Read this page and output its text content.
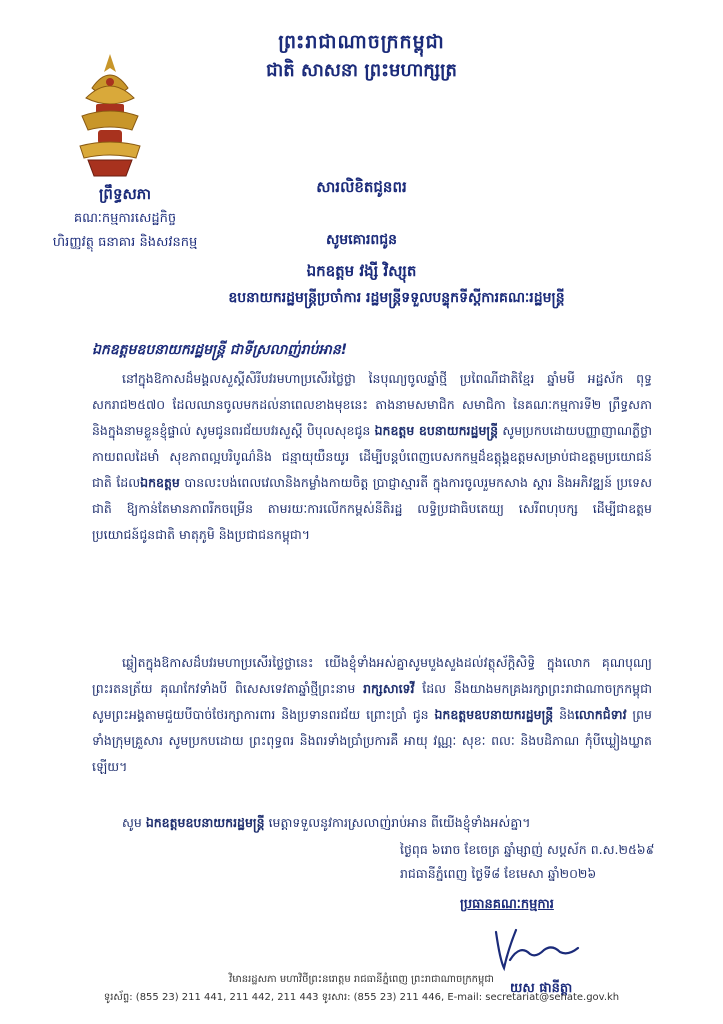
ព្រះរាជាណាចក្រកម្ពុជា
ជាតិ សាសនា ព្រះមហាក្សត្រ
ព្រឹទ្ធសភា
គណៈកម្មការសេដ្ឋកិច្ច
ហិរញ្ញវត្ថុ ធនាគារ និងសវនកម្ម
សារលិខិតជូនពរ
សូមគោរពជូន
ឯកឧត្តម វង្សី វិស្សុត
ឧបនាយករដ្ឋមន្ត្រីប្រចាំការ រដ្ឋមន្ត្រីទទួលបន្ទុកទីស្តីការគណៈរដ្ឋមន្ត្រី
ឯកឧត្តមឧបនាយករដ្ឋមន្ត្រី ជាទីស្រលាញ់រាប់អាន!
នៅក្នុងឱកាសដ៏មង្គលសួស្តីសិរីបវរមហាប្រសើរថ្លៃថ្លា នៃបុណ្យចូលឆ្នាំថ្មី ប្រពៃណីជាតិខ្មែរ ឆ្នាំមមី អដ្ឋស័ក ពុទ្ធសករាជ២៥៧០ ដែលឈានចូលមកដល់នាពេលខាងមុខនេះ តាងនាមសមាជិក សមាជិកា នៃគណៈកម្មការទី២ ព្រឹទ្ធសភា និងក្នុងនាមខ្លួនខ្ញុំផ្ទាល់ សូមជូនពរជ័យបវរសួស្តី បិបុលសុខជូន ឯកឧត្តម ឧបនាយករដ្ឋមន្ត្រី សូមប្រកបដោយបញ្ញាញាណភ្លឺថ្លា កាយពលដៃមាំ សុខភាពល្អបរិបូណ៌និង ជន្មាយុយឺនយូរ ដើម្បីបន្តបំពេញបេសកកម្មដ៏ឧត្តុង្គឧត្តមសម្រាប់ជាឧត្តមប្រយោជន៍ជាតិ ដែលឯកឧត្តម បានលះបង់ពេលវេលានិងកម្លាំងកាយចិត្ត ប្រាជ្ញាស្មារតី ក្នុងការចូលរួមកសាង ស្តារ និងអភិវឌ្ឍន៍ ប្រទេសជាតិ ឱ្យកាន់តែមានភាពរីកចម្រើន តាមរយៈការលើកកម្ពស់នីតិរដ្ឋ លទ្ធិប្រជាធិបតេយ្យ សេរីពហុបក្ស ដើម្បីជាឧត្តមប្រយោជន៍ជូនជាតិ មាតុភូមិ និងប្រជាជនកម្ពុជា។
ឆ្លៀតក្នុងឱកាសដ៏បវរមហាប្រសើរថ្លៃថ្លានេះ យើងខ្ញុំទាំងអស់គ្នាសូមបួងសួងដល់វត្ថុស័ក្តិសិទ្ធិ ក្នុងលោក គុណបុណ្យព្រះរតនត្រ័យ គុណកែវទាំងបី ពិសេសទេវតាឆ្នាំថ្មីព្រះនាម រាក្សសាទេវី ដែល នឹងយាងមកគ្រងរក្សាព្រះរាជាណាចក្រកម្ពុជា សូមព្រះអង្គតាមជួយបីបាច់ថែរក្សាការពារ និងប្រទានពរជ័យ ព្រោះប្រាំ ជូន ឯកឧត្តមឧបនាយករដ្ឋមន្ត្រី និងលោកជំទាវ ព្រមទាំងក្រុមគ្រួសារ សូមប្រកបដោយ ព្រះពុទ្ធពរ និងពរទាំងប្រាំប្រការគឺ អាយុ វណ្ណៈ សុខៈ ពលៈ និងបដិភាណ កុំបីឃ្លៀងឃ្លាតឡើយ។
សូម ឯកឧត្តមឧបនាយករដ្ឋមន្ត្រី មេត្តាទទួលនូវការស្រលាញ់រាប់អាន ពីយើងខ្ញុំទាំងអស់គ្នា។
ថ្ងៃពុធ ៦រោច ខែចេត្រ ឆ្នាំម្សាញ់ សប្តស័ក ព.ស.២៥៦៩
រាជធានីភ្នំពេញ ថ្ងៃទី៨ ខែមេសា ឆ្នាំ២០២៦
ប្រធានគណៈកម្មការ
យស ផានីត្តា
វិមានរដ្ឋសភា មហាវិថីព្រះនរោត្តម រាជធានីភ្នំពេញ ព្រះរាជាណាចក្រកម្ពុជា
ទូរស័ព្ទ: (855 23) 211 441, 211 442, 211 443 ទូរសារ: (855 23) 211 446, E-mail: secretariat@senate.gov.kh
